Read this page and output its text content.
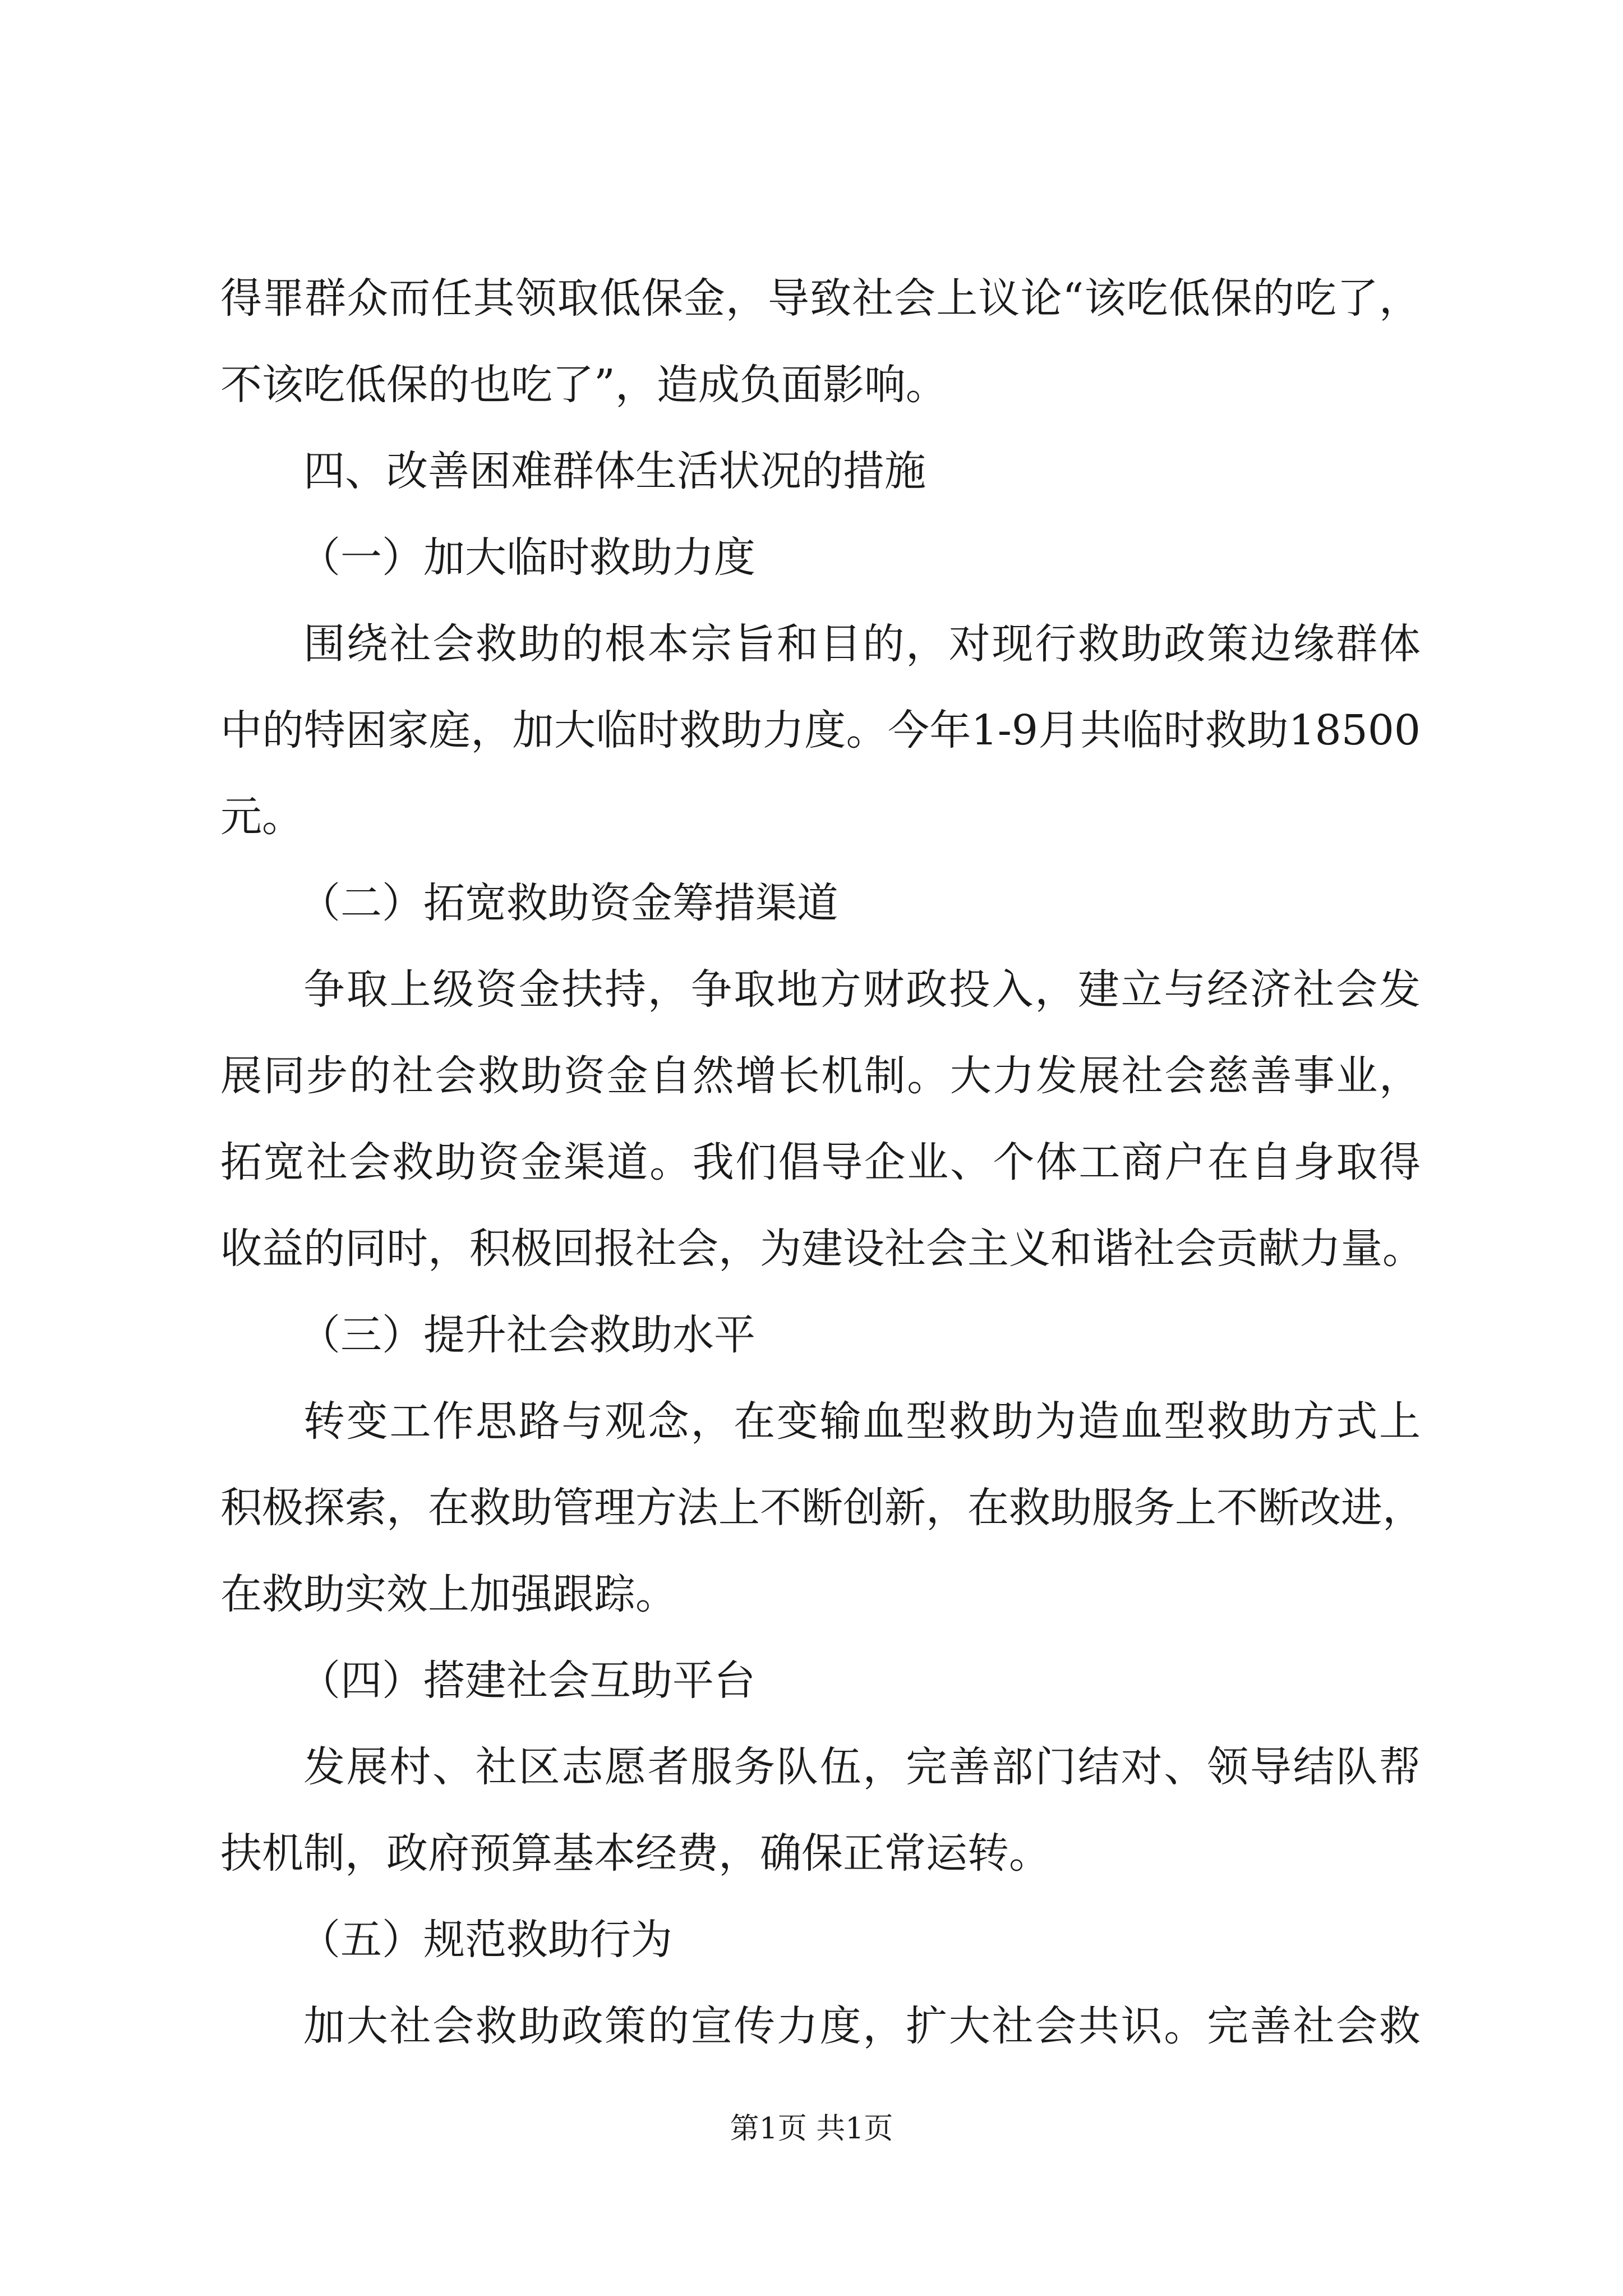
得罪群众而任其领取低保金，导致社会上议论“该吃低保的吃了，
不该吃低保的也吃了”，造成负面影响。
四、改善困难群体生活状况的措施
（一）加大临时救助力度
围绕社会救助的根本宗旨和目的，对现行救助政策边缘群体
中的特困家庭，加大临时救助力度。今年1-9月共临时救助18500
元。
（二）拓宽救助资金筹措渠道
争取上级资金扶持，争取地方财政投入，建立与经济社会发
展同步的社会救助资金自然增长机制。大力发展社会慈善事业，
拓宽社会救助资金渠道。我们倡导企业、个体工商户在自身取得
收益的同时，积极回报社会，为建设社会主义和谐社会贡献力量。
（三）提升社会救助水平
转变工作思路与观念，在变输血型救助为造血型救助方式上
积极探索，在救助管理方法上不断创新，在救助服务上不断改进，
在救助实效上加强跟踪。
（四）搭建社会互助平台
发展村、社区志愿者服务队伍，完善部门结对、领导结队帮
扶机制，政府预算基本经费，确保正常运转。
（五）规范救助行为
加大社会救助政策的宣传力度，扩大社会共识。完善社会救
第1页 共1页
